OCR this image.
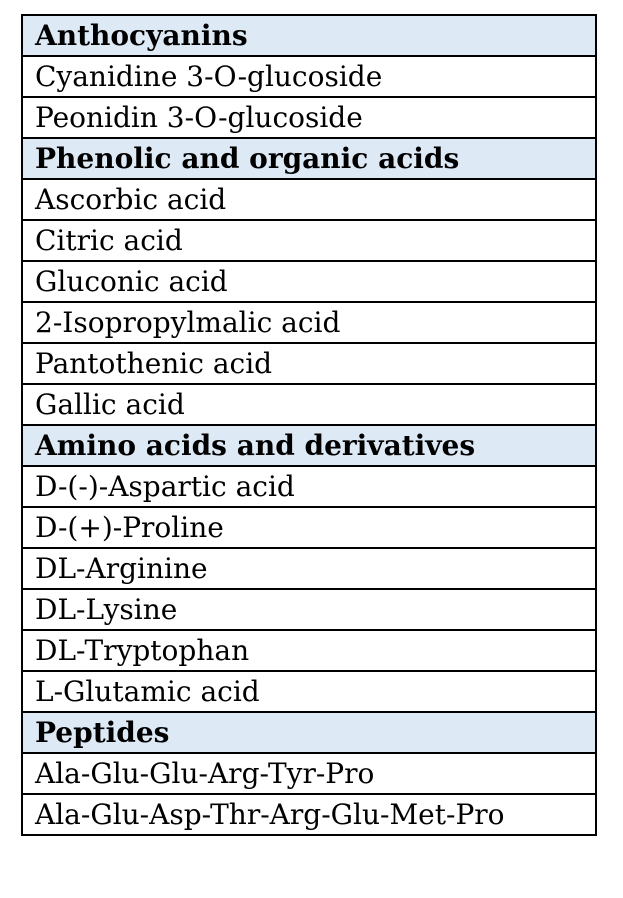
Anthocyanins
Cyanidine 3-O-glucoside
Peonidin 3-O-glucoside
Phenolic and organic acids
Ascorbic acid
Citric acid
Gluconic acid
2-Isopropylmalic acid
Pantothenic acid
Gallic acid
Amino acids and derivatives
D-(-)-Aspartic acid
D-(+)-Proline
DL-Arginine
DL-Lysine
DL-Tryptophan
L-Glutamic acid
Peptides
Ala-Glu-Glu-Arg-Tyr-Pro
Ala-Glu-Asp-Thr-Arg-Glu-Met-Pro
